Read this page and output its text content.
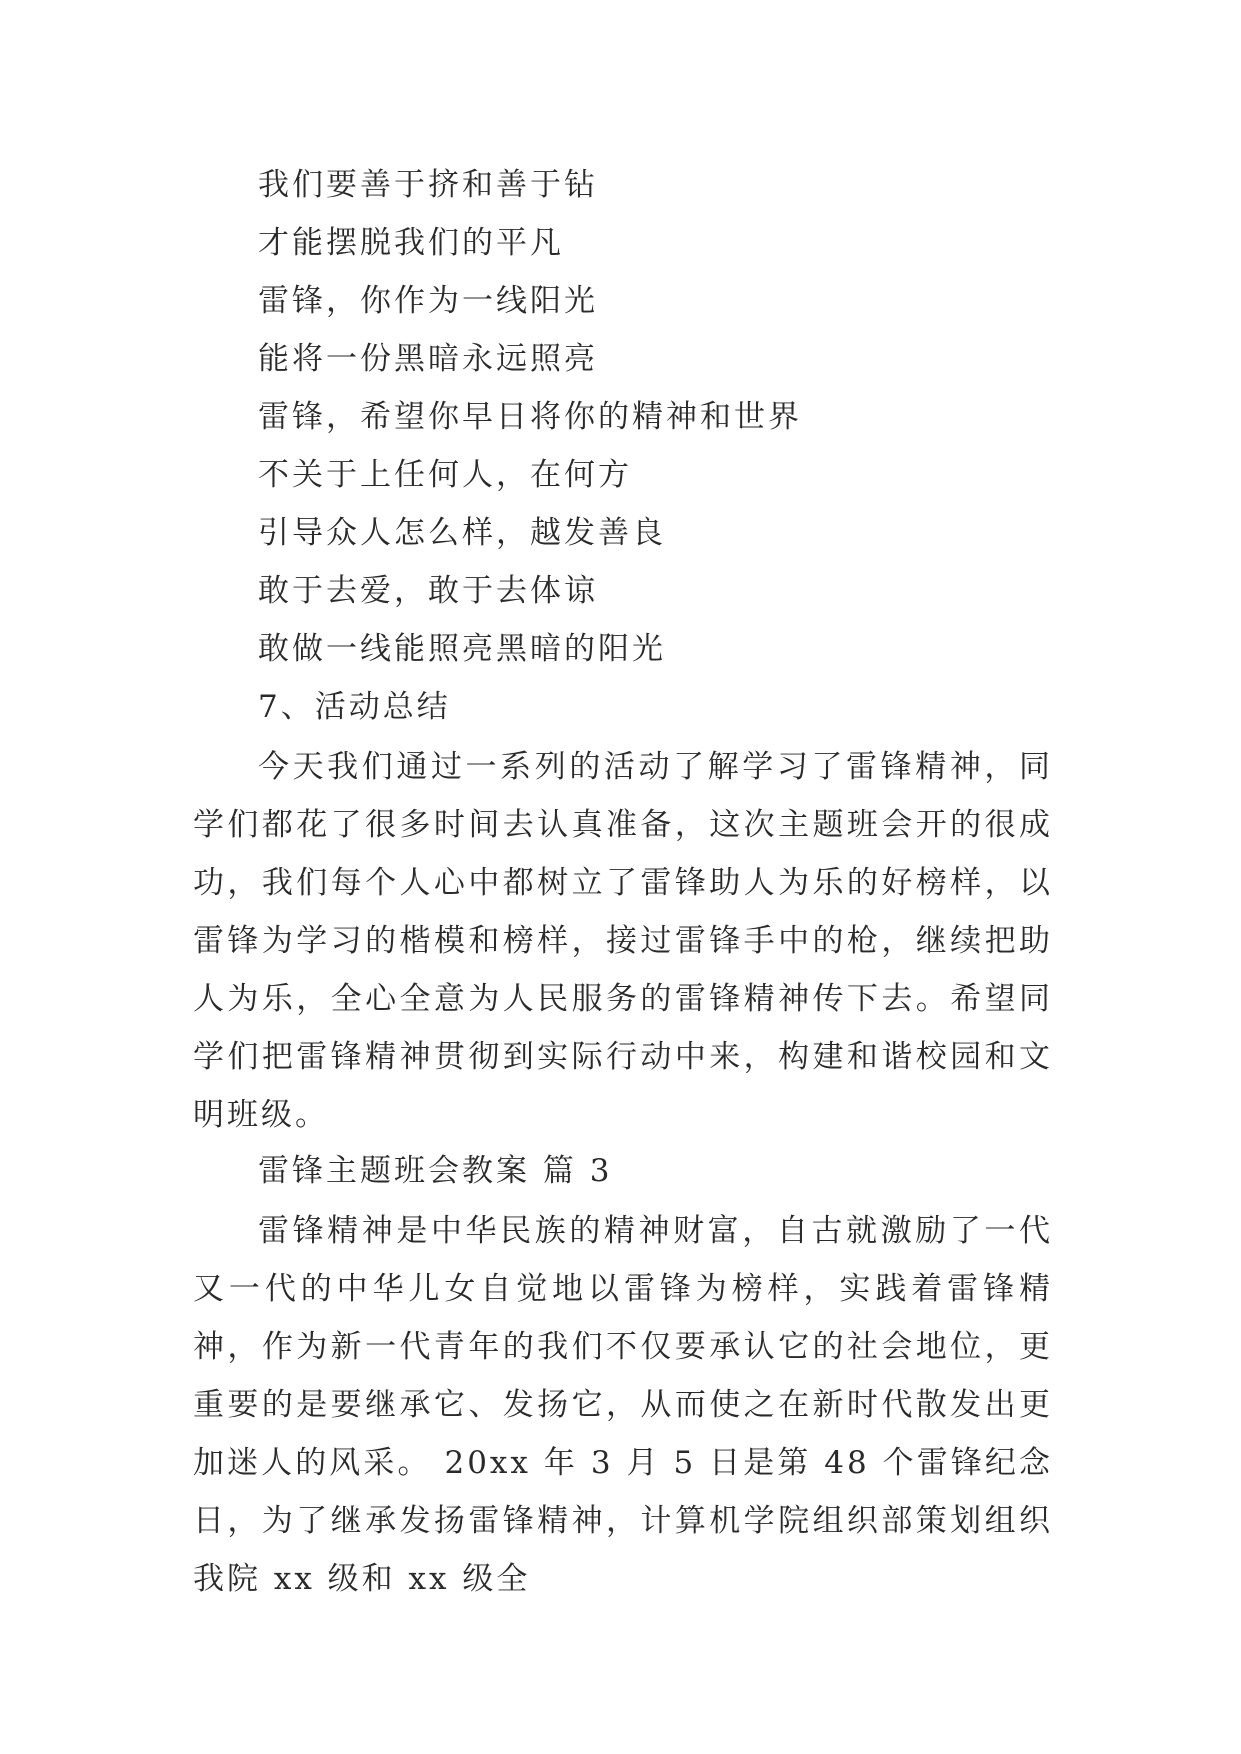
我们要善于挤和善于钻
才能摆脱我们的平凡
雷锋，你作为一线阳光
能将一份黑暗永远照亮
雷锋，希望你早日将你的精神和世界
不关于上任何人，在何方
引导众人怎么样，越发善良
敢于去爱，敢于去体谅
敢做一线能照亮黑暗的阳光
7、活动总结
今天我们通过一系列的活动了解学习了雷锋精神，同学们都花了很多时间去认真准备，这次主题班会开的很成功，我们每个人心中都树立了雷锋助人为乐的好榜样，以雷锋为学习的楷模和榜样，接过雷锋手中的枪，继续把助人为乐，全心全意为人民服务的雷锋精神传下去。希望同学们把雷锋精神贯彻到实际行动中来，构建和谐校园和文明班级。
雷锋主题班会教案 篇 3
雷锋精神是中华民族的精神财富，自古就激励了一代又一代的中华儿女自觉地以雷锋为榜样，实践着雷锋精神，作为新一代青年的我们不仅要承认它的社会地位，更重要的是要继承它、发扬它，从而使之在新时代散发出更加迷人的风采。 20xx 年 3 月 5 日是第 48 个雷锋纪念日，为了继承发扬雷锋精神，计算机学院组织部策划组织我院 xx 级和 xx 级全
